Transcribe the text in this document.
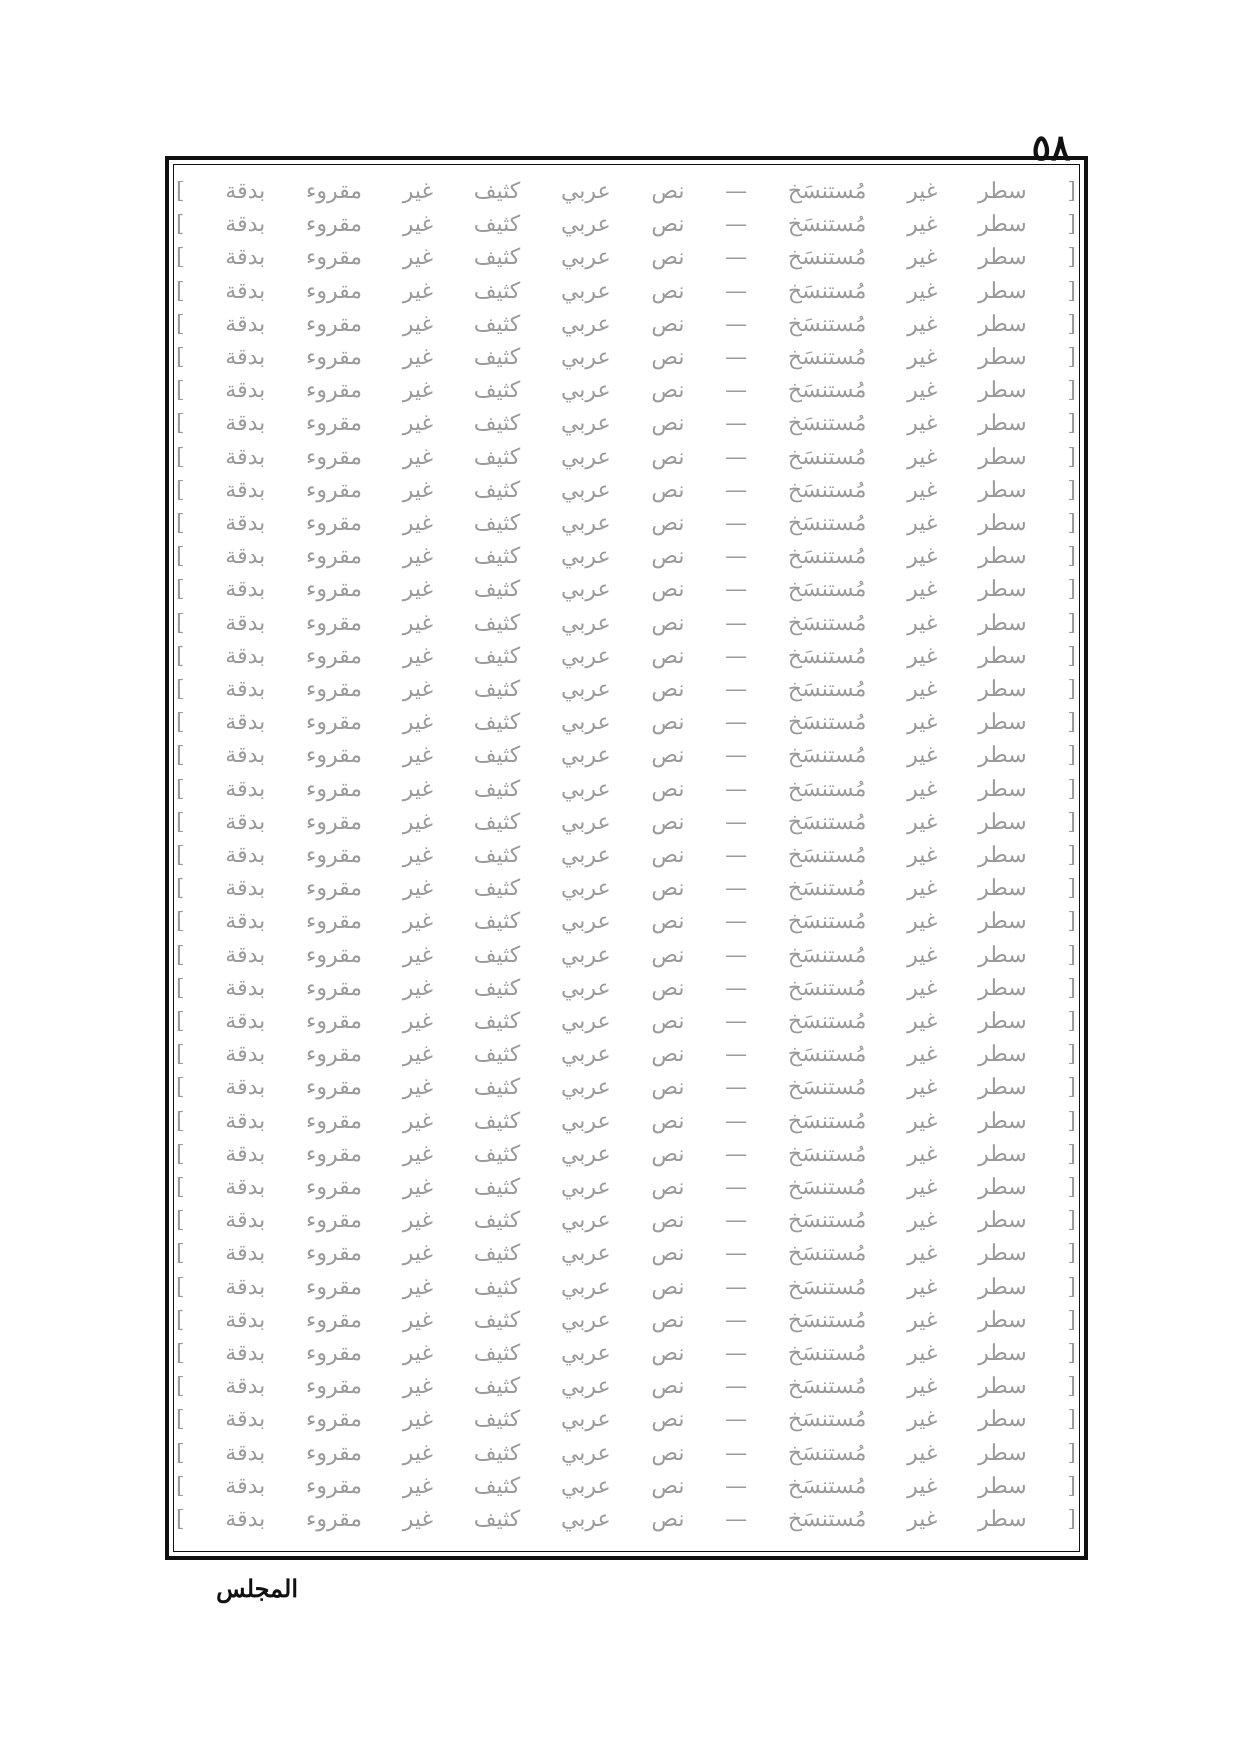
٥٨
[ سطر غير مُستنسَخ — نص عربي كثيف غير مقروء بدقة ]
[ سطر غير مُستنسَخ — نص عربي كثيف غير مقروء بدقة ]
[ سطر غير مُستنسَخ — نص عربي كثيف غير مقروء بدقة ]
[ سطر غير مُستنسَخ — نص عربي كثيف غير مقروء بدقة ]
[ سطر غير مُستنسَخ — نص عربي كثيف غير مقروء بدقة ]
[ سطر غير مُستنسَخ — نص عربي كثيف غير مقروء بدقة ]
[ سطر غير مُستنسَخ — نص عربي كثيف غير مقروء بدقة ]
[ سطر غير مُستنسَخ — نص عربي كثيف غير مقروء بدقة ]
[ سطر غير مُستنسَخ — نص عربي كثيف غير مقروء بدقة ]
[ سطر غير مُستنسَخ — نص عربي كثيف غير مقروء بدقة ]
[ سطر غير مُستنسَخ — نص عربي كثيف غير مقروء بدقة ]
[ سطر غير مُستنسَخ — نص عربي كثيف غير مقروء بدقة ]
[ سطر غير مُستنسَخ — نص عربي كثيف غير مقروء بدقة ]
[ سطر غير مُستنسَخ — نص عربي كثيف غير مقروء بدقة ]
[ سطر غير مُستنسَخ — نص عربي كثيف غير مقروء بدقة ]
[ سطر غير مُستنسَخ — نص عربي كثيف غير مقروء بدقة ]
[ سطر غير مُستنسَخ — نص عربي كثيف غير مقروء بدقة ]
[ سطر غير مُستنسَخ — نص عربي كثيف غير مقروء بدقة ]
[ سطر غير مُستنسَخ — نص عربي كثيف غير مقروء بدقة ]
[ سطر غير مُستنسَخ — نص عربي كثيف غير مقروء بدقة ]
[ سطر غير مُستنسَخ — نص عربي كثيف غير مقروء بدقة ]
[ سطر غير مُستنسَخ — نص عربي كثيف غير مقروء بدقة ]
[ سطر غير مُستنسَخ — نص عربي كثيف غير مقروء بدقة ]
[ سطر غير مُستنسَخ — نص عربي كثيف غير مقروء بدقة ]
[ سطر غير مُستنسَخ — نص عربي كثيف غير مقروء بدقة ]
[ سطر غير مُستنسَخ — نص عربي كثيف غير مقروء بدقة ]
[ سطر غير مُستنسَخ — نص عربي كثيف غير مقروء بدقة ]
[ سطر غير مُستنسَخ — نص عربي كثيف غير مقروء بدقة ]
[ سطر غير مُستنسَخ — نص عربي كثيف غير مقروء بدقة ]
[ سطر غير مُستنسَخ — نص عربي كثيف غير مقروء بدقة ]
[ سطر غير مُستنسَخ — نص عربي كثيف غير مقروء بدقة ]
[ سطر غير مُستنسَخ — نص عربي كثيف غير مقروء بدقة ]
[ سطر غير مُستنسَخ — نص عربي كثيف غير مقروء بدقة ]
[ سطر غير مُستنسَخ — نص عربي كثيف غير مقروء بدقة ]
[ سطر غير مُستنسَخ — نص عربي كثيف غير مقروء بدقة ]
[ سطر غير مُستنسَخ — نص عربي كثيف غير مقروء بدقة ]
[ سطر غير مُستنسَخ — نص عربي كثيف غير مقروء بدقة ]
[ سطر غير مُستنسَخ — نص عربي كثيف غير مقروء بدقة ]
[ سطر غير مُستنسَخ — نص عربي كثيف غير مقروء بدقة ]
[ سطر غير مُستنسَخ — نص عربي كثيف غير مقروء بدقة ]
[ سطر غير مُستنسَخ — نص عربي كثيف غير مقروء بدقة ]
المجلس
